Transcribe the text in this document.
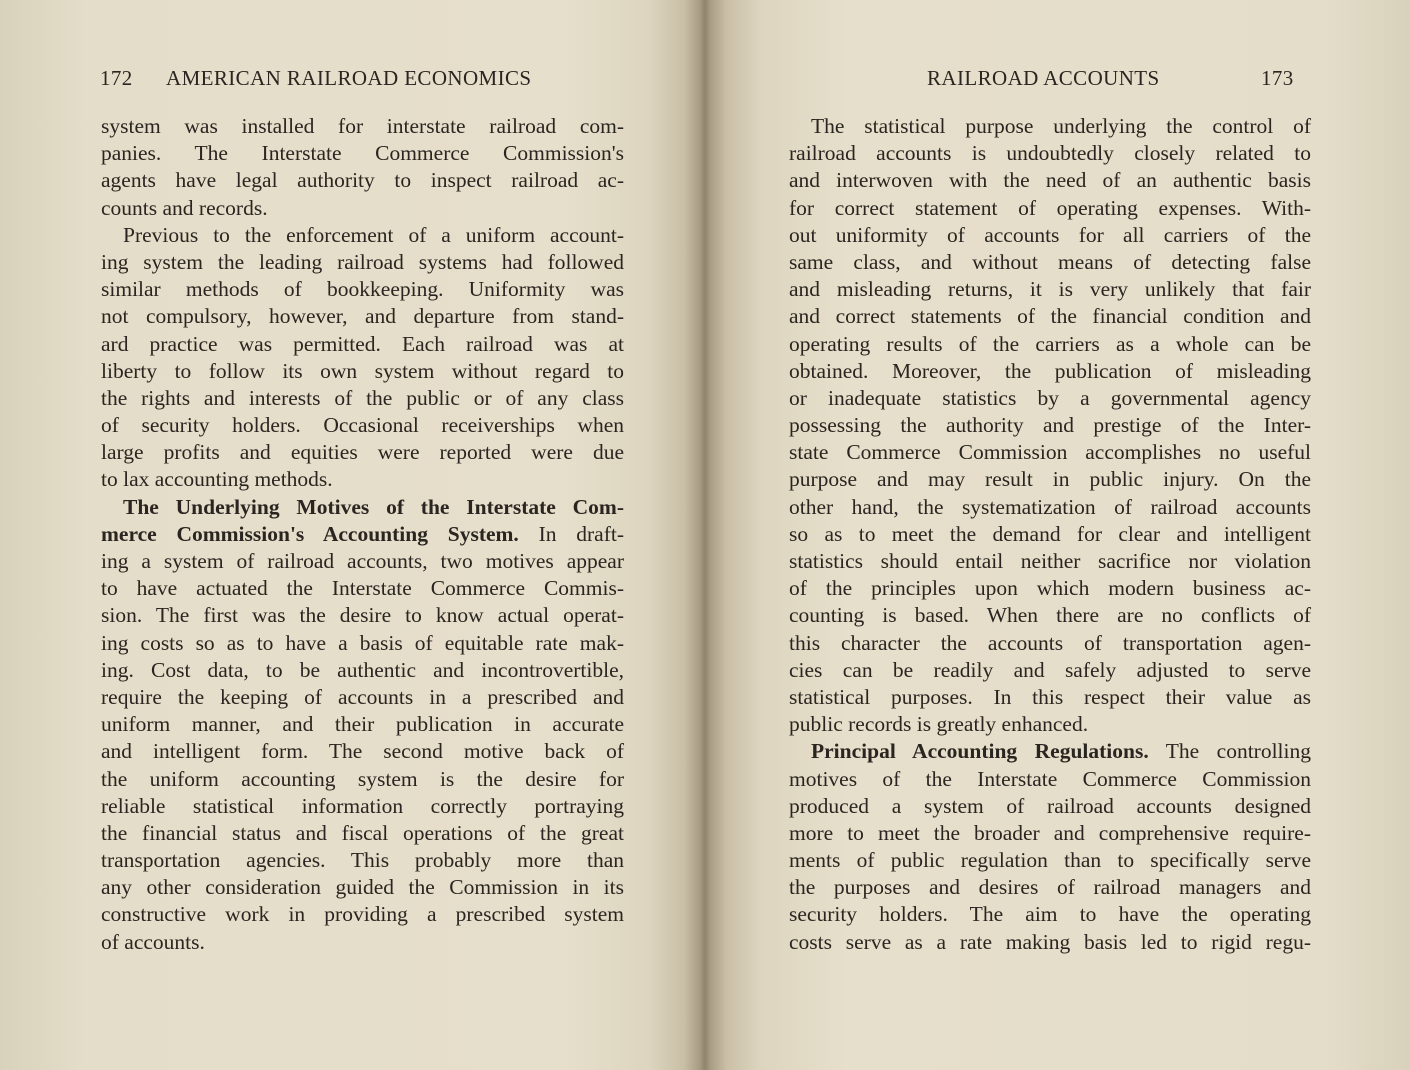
172 AMERICAN RAILROAD ECONOMICS
system was installed for interstate railroad com-
panies. The Interstate Commerce Commission's
agents have legal authority to inspect railroad ac-
counts and records.
Previous to the enforcement of a uniform account-
ing system the leading railroad systems had followed
similar methods of bookkeeping. Uniformity was
not compulsory, however, and departure from stand-
ard practice was permitted. Each railroad was at
liberty to follow its own system without regard to
the rights and interests of the public or of any class
of security holders. Occasional receiverships when
large profits and equities were reported were due
to lax accounting methods.
The Underlying Motives of the Interstate Com-
merce Commission's Accounting System. In draft-
ing a system of railroad accounts, two motives appear
to have actuated the Interstate Commerce Commis-
sion. The first was the desire to know actual operat-
ing costs so as to have a basis of equitable rate mak-
ing. Cost data, to be authentic and incontrovertible,
require the keeping of accounts in a prescribed and
uniform manner, and their publication in accurate
and intelligent form. The second motive back of
the uniform accounting system is the desire for
reliable statistical information correctly portraying
the financial status and fiscal operations of the great
transportation agencies. This probably more than
any other consideration guided the Commission in its
constructive work in providing a prescribed system
of accounts.
RAILROAD ACCOUNTS	173
The statistical purpose underlying the control of
railroad accounts is undoubtedly closely related to
and interwoven with the need of an authentic basis
for correct statement of operating expenses. With-
out uniformity of accounts for all carriers of the
same class, and without means of detecting false
and misleading returns, it is very unlikely that fair
and correct statements of the financial condition and
operating results of the carriers as a whole can be
obtained. Moreover, the publication of misleading
or inadequate statistics by a governmental agency
possessing the authority and prestige of the Inter-
state Commerce Commission accomplishes no useful
purpose and may result in public injury. On the
other hand, the systematization of railroad accounts
so as to meet the demand for clear and intelligent
statistics should entail neither sacrifice nor violation
of the principles upon which modern business ac-
counting is based. When there are no conflicts of
this character the accounts of transportation agen-
cies can be readily and safely adjusted to serve
statistical purposes. In this respect their value as
public records is greatly enhanced.
Principal Accounting Regulations. The controlling
motives of the Interstate Commerce Commission
produced a system of railroad accounts designed
more to meet the broader and comprehensive require-
ments of public regulation than to specifically serve
the purposes and desires of railroad managers and
security holders. The aim to have the operating
costs serve as a rate making basis led to rigid regu-
